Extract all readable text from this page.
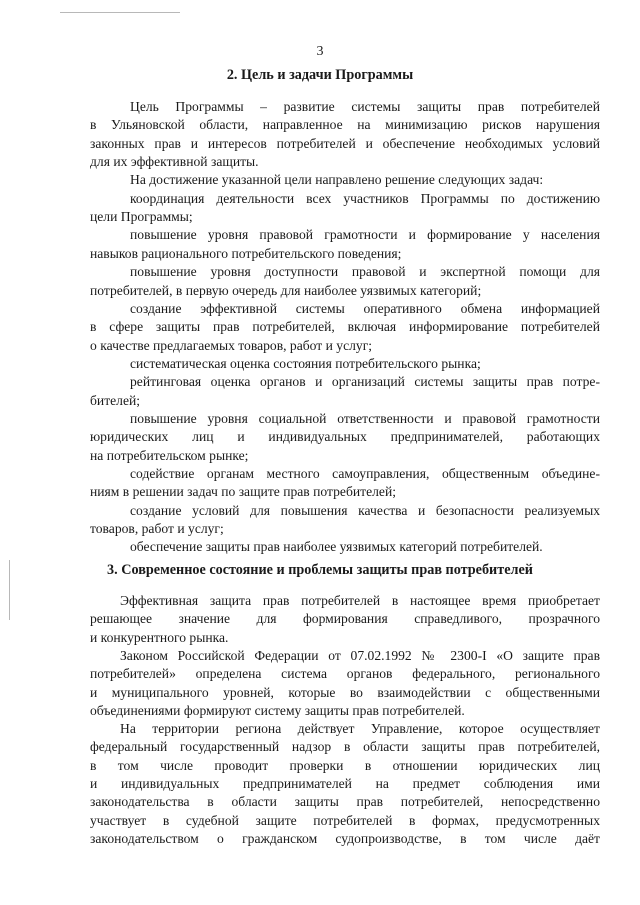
3
2. Цель и задачи Программы
Цель Программы – развитие системы защиты прав потребителей
в Ульяновской области, направленное на минимизацию рисков нарушения
законных прав и интересов потребителей и обеспечение необходимых условий
для их эффективной защиты.
На достижение указанной цели направлено решение следующих задач:
координация деятельности всех участников Программы по достижению
цели Программы;
повышение уровня правовой грамотности и формирование у населения
навыков рационального потребительского поведения;
повышение уровня доступности правовой и экспертной помощи для
потребителей, в первую очередь для наиболее уязвимых категорий;
создание эффективной системы оперативного обмена информацией
в сфере защиты прав потребителей, включая информирование потребителей
о качестве предлагаемых товаров, работ и услуг;
систематическая оценка состояния потребительского рынка;
рейтинговая оценка органов и организаций системы защиты прав потре-
бителей;
повышение уровня социальной ответственности и правовой грамотности
юридических лиц и индивидуальных предпринимателей, работающих
на потребительском рынке;
содействие органам местного самоуправления, общественным объедине-
ниям в решении задач по защите прав потребителей;
создание условий для повышения качества и безопасности реализуемых
товаров, работ и услуг;
обеспечение защиты прав наиболее уязвимых категорий потребителей.
3. Современное состояние и проблемы защиты прав потребителей
Эффективная защита прав потребителей в настоящее время приобретает
решающее значение для формирования справедливого, прозрачного
и конкурентного рынка.
Законом Российской Федерации от 07.02.1992 № 2300-I «О защите прав
потребителей» определена система органов федерального, регионального
и муниципального уровней, которые во взаимодействии с общественными
объединениями формируют систему защиты прав потребителей.
На территории региона действует Управление, которое осуществляет
федеральный государственный надзор в области защиты прав потребителей,
в том числе проводит проверки в отношении юридических лиц
и индивидуальных предпринимателей на предмет соблюдения ими
законодательства в области защиты прав потребителей, непосредственно
участвует в судебной защите потребителей в формах, предусмотренных
законодательством о гражданском судопроизводстве, в том числе даёт
